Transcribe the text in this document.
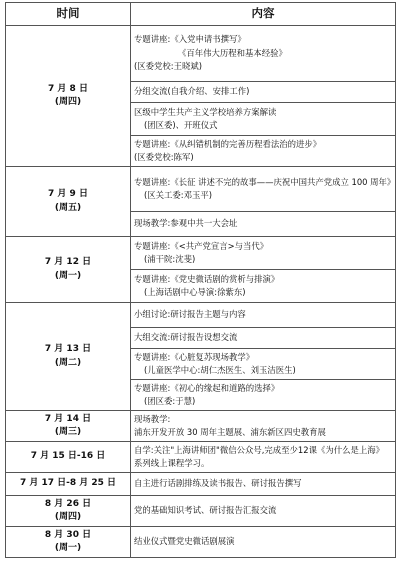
时间	内容

7 月 8 日
(周四)	专题讲座:《入党申请书撰写》
《百年伟大历程和基本经验》
(区委党校:王晓斌)

	分组交流(自我介绍、安排工作)

	区级中学生共产主义学校培养方案解读
(团区委)、开班仪式

	专题讲座:《从纠错机制的完善历程看法治的进步》
(区委党校:陈军)

7 月 9 日
(周五)	专题讲座:《长征 讲述不完的故事——庆祝中国共产党成立 100 周年》
(区关工委:邓玉平)

	现场教学:参观中共一大会址

7 月 12 日
(周一)	专题讲座:《<共产党宣言>与当代》
(浦干院:沈斐)

	专题讲座:《党史微话剧的赏析与排演》
(上海话剧中心导演:徐紫东)

7 月 13 日
(周二)	小组讨论:研讨报告主题与内容

	大组交流:研讨报告设想交流

	专题讲座:《心脏复苏现场教学》
(儿童医学中心:胡仁杰医生、刘玉洁医生)

	专题讲座:《初心的缘起和道路的选择》
(团区委:于慧)

7 月 14 日
(周三)	现场教学:
浦东开发开放 30 周年主题展、浦东新区四史教育展

7 月 15 日-16 日	自学:关注"上海讲师团"微信公众号,完成至少12课《为什么是上海》系列线上课程学习。

7 月 17 日-8 月 25 日	自主进行话剧排练及读书报告、研讨报告撰写

8 月 26 日
(周四)	党的基础知识考试、研讨报告汇报交流

8 月 30 日
(周一)	结业仪式暨党史微话剧展演
